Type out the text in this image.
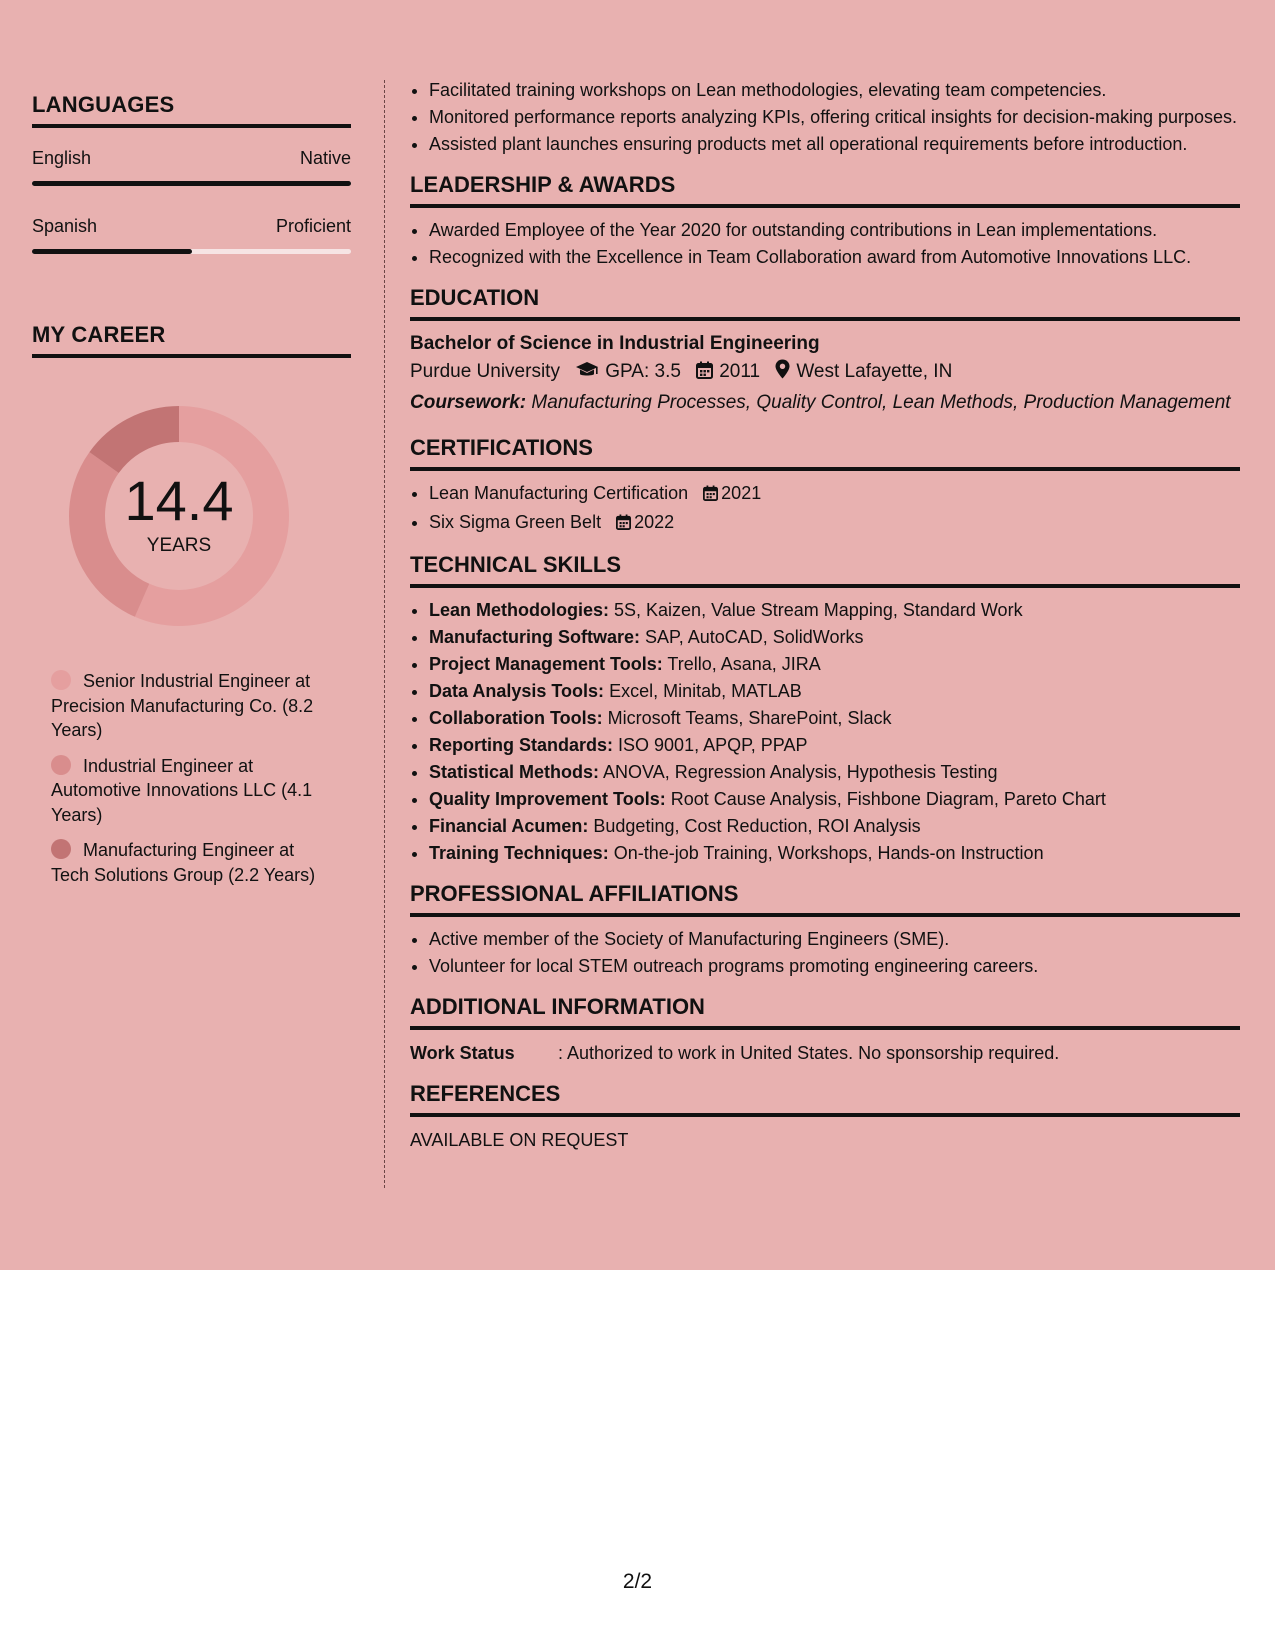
LANGUAGES
English	Native
Spanish	Proficient
MY CAREER
14.4
YEARS
Senior Industrial Engineer at Precision Manufacturing Co. (8.2 Years)
Industrial Engineer at Automotive Innovations LLC (4.1 Years)
Manufacturing Engineer at Tech Solutions Group (2.2 Years)
• Facilitated training workshops on Lean methodologies, elevating team competencies.
• Monitored performance reports analyzing KPIs, offering critical insights for decision-making purposes.
• Assisted plant launches ensuring products met all operational requirements before introduction.
LEADERSHIP & AWARDS
• Awarded Employee of the Year 2020 for outstanding contributions in Lean implementations.
• Recognized with the Excellence in Team Collaboration award from Automotive Innovations LLC.
EDUCATION
Bachelor of Science in Industrial Engineering
Purdue University GPA: 3.5 2011 West Lafayette, IN
Coursework: Manufacturing Processes, Quality Control, Lean Methods, Production Management
CERTIFICATIONS
• Lean Manufacturing Certification 2021
• Six Sigma Green Belt 2022
TECHNICAL SKILLS
• Lean Methodologies: 5S, Kaizen, Value Stream Mapping, Standard Work
• Manufacturing Software: SAP, AutoCAD, SolidWorks
• Project Management Tools: Trello, Asana, JIRA
• Data Analysis Tools: Excel, Minitab, MATLAB
• Collaboration Tools: Microsoft Teams, SharePoint, Slack
• Reporting Standards: ISO 9001, APQP, PPAP
• Statistical Methods: ANOVA, Regression Analysis, Hypothesis Testing
• Quality Improvement Tools: Root Cause Analysis, Fishbone Diagram, Pareto Chart
• Financial Acumen: Budgeting, Cost Reduction, ROI Analysis
• Training Techniques: On-the-job Training, Workshops, Hands-on Instruction
PROFESSIONAL AFFILIATIONS
• Active member of the Society of Manufacturing Engineers (SME).
• Volunteer for local STEM outreach programs promoting engineering careers.
ADDITIONAL INFORMATION
Work Status	: Authorized to work in United States. No sponsorship required.
REFERENCES
AVAILABLE ON REQUEST
2/2
